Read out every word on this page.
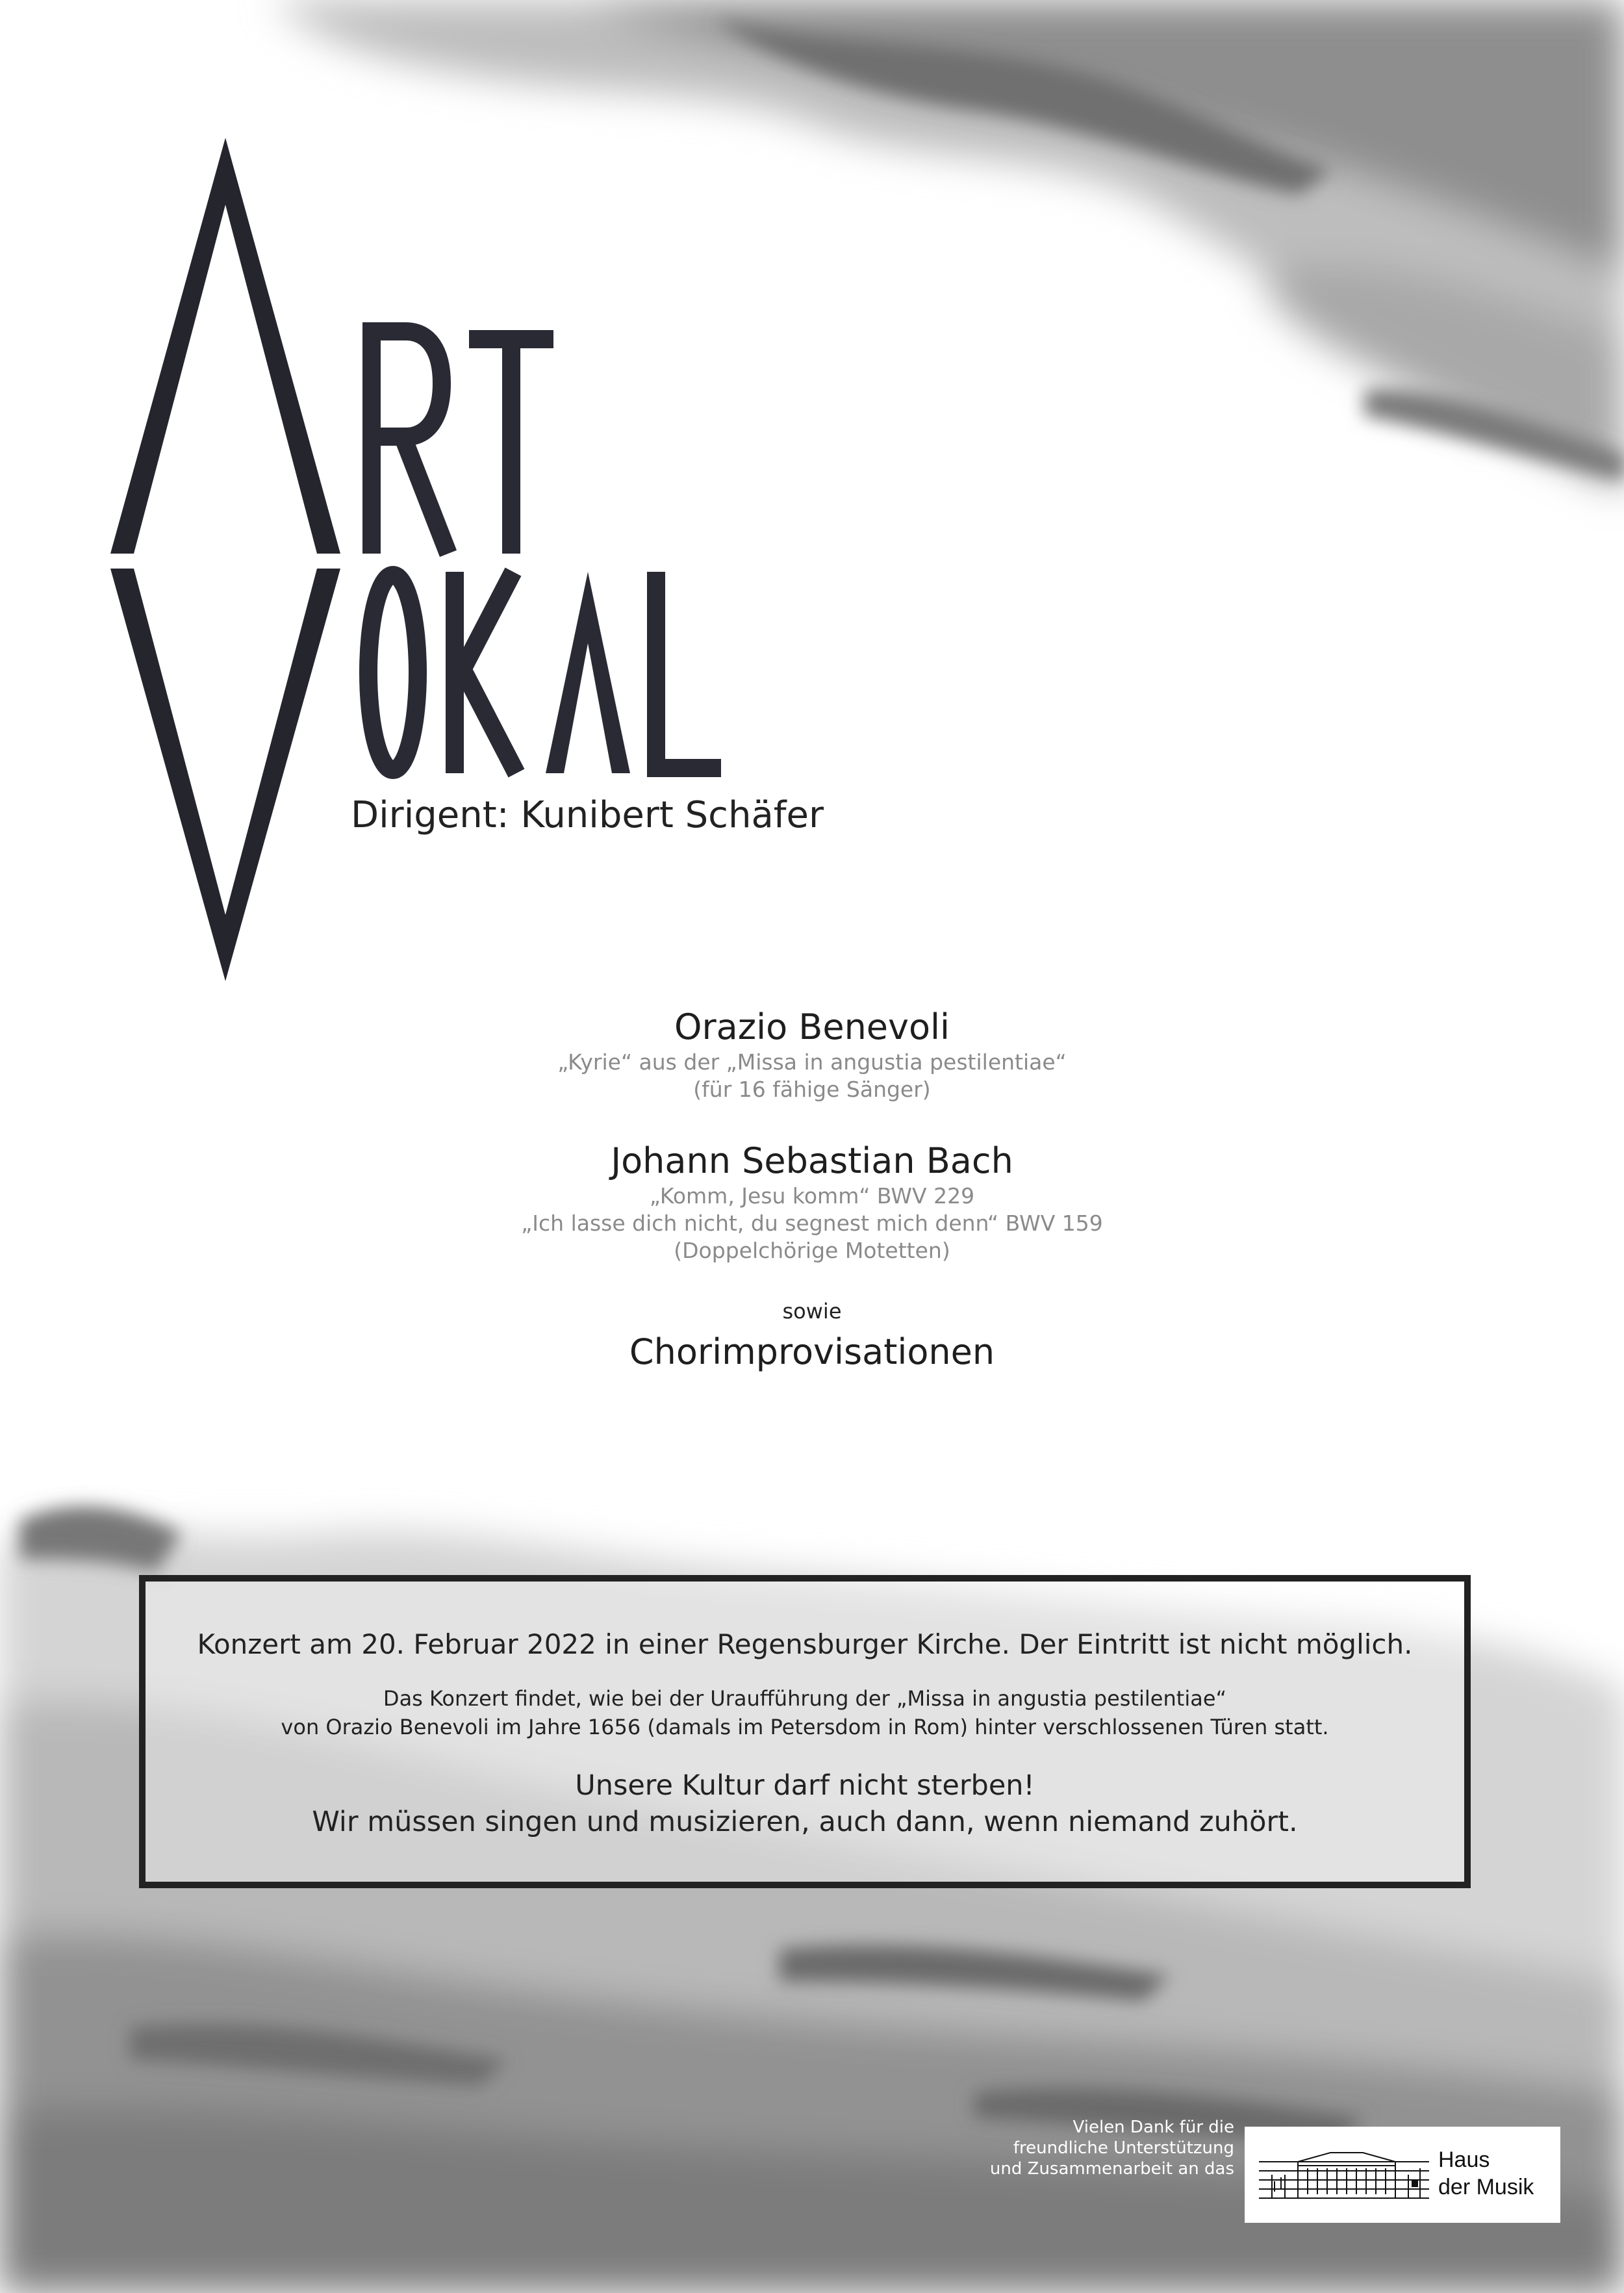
Dirigent: Kunibert Schäfer
Orazio Benevoli
„Kyrie“ aus der „Missa in angustia pestilentiae“
(für 16 fähige Sänger)
Johann Sebastian Bach
„Komm, Jesu komm“ BWV 229
„Ich lasse dich nicht, du segnest mich denn“ BWV 159
(Doppelchörige Motetten)
sowie
Chorimprovisationen
Konzert am 20. Februar 2022 in einer Regensburger Kirche. Der Eintritt ist nicht möglich.
Das Konzert findet, wie bei der Uraufführung der „Missa in angustia pestilentiae“
von Orazio Benevoli im Jahre 1656 (damals im Petersdom in Rom) hinter verschlossenen Türen statt.
Unsere Kultur darf nicht sterben!
Wir müssen singen und musizieren, auch dann, wenn niemand zuhört.
Vielen Dank für die
freundliche Unterstützung
und Zusammenarbeit an das	Haus
der Musik
